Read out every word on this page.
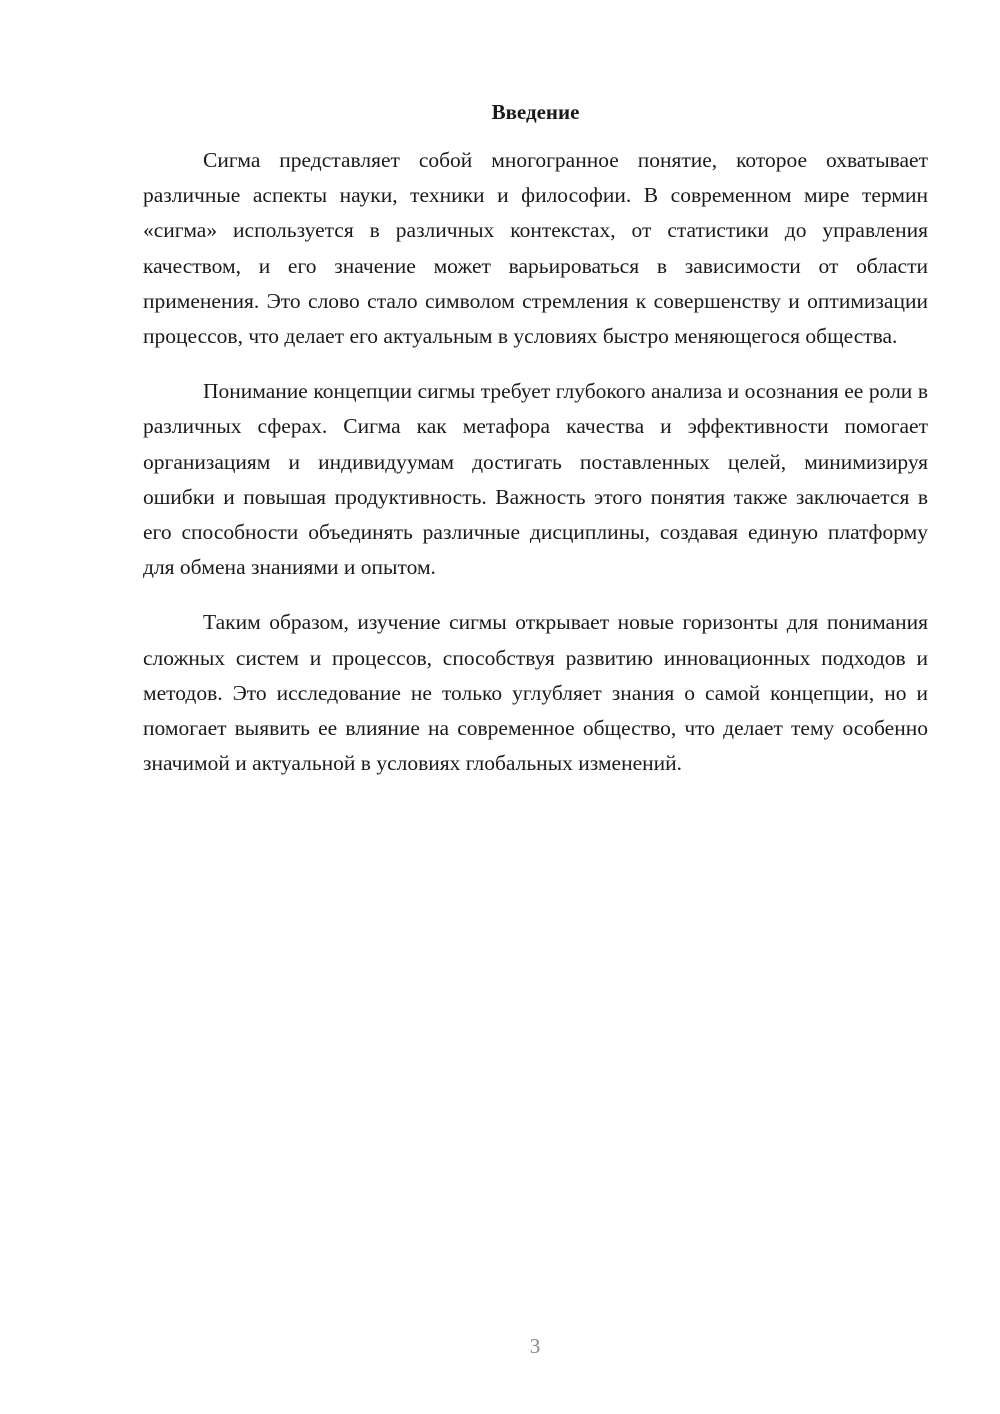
Введение

Сигма представляет собой многогранное понятие, которое охватывает различные аспекты науки, техники и философии. В современном мире термин «сигма» используется в различных контекстах, от статистики до управления качеством, и его значение может варьироваться в зависимости от области применения. Это слово стало символом стремления к совершенству и оптимизации процессов, что делает его актуальным в условиях быстро меняющегося общества.

Понимание концепции сигмы требует глубокого анализа и осознания ее роли в различных сферах. Сигма как метафора качества и эффективности помогает организациям и индивидуумам достигать поставленных целей, минимизируя ошибки и повышая продуктивность. Важность этого понятия также заключается в его способности объединять различные дисциплины, создавая единую платформу для обмена знаниями и опытом.

Таким образом, изучение сигмы открывает новые горизонты для понимания сложных систем и процессов, способствуя развитию инновационных подходов и методов. Это исследование не только углубляет знания о самой концепции, но и помогает выявить ее влияние на современное общество, что делает тему особенно значимой и актуальной в условиях глобальных изменений.

3
